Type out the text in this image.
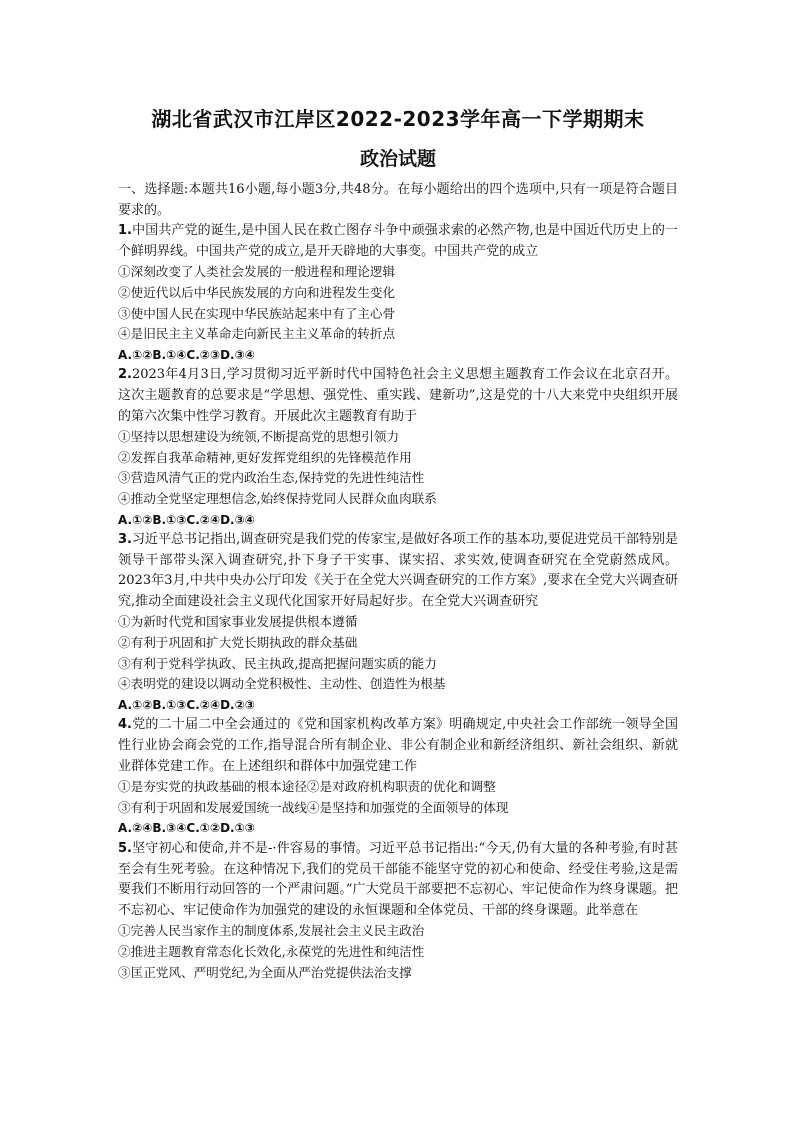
湖北省武汉市江岸区2022-2023学年高一下学期期末
政治试题
一、选择题:本题共16小题,每小题3分,共48分。在每小题给出的四个选项中,只有一项是符合题目要求的。
1.中国共产党的诞生,是中国人民在救亡图存斗争中顽强求索的必然产物,也是中国近代历史上的一个鲜明界线。中国共产党的成立,是开天辟地的大事变。中国共产党的成立
①深刻改变了人类社会发展的一般进程和理论逻辑
②使近代以后中华民族发展的方向和进程发生变化
③使中国人民在实现中华民族站起来中有了主心骨
④是旧民主主义革命走向新民主主义革命的转折点
A.①②B.①④C.②③D.③④
2.2023年4月3日,学习贯彻习近平新时代中国特色社会主义思想主题教育工作会议在北京召开。这次主题教育的总要求是“学思想、强党性、重实践、建新功”,这是党的十八大来党中央组织开展的第六次集中性学习教育。开展此次主题教育有助于
①坚持以思想建设为统领,不断提高党的思想引领力
②发挥自我革命精神,更好发挥党组织的先锋模范作用
③营造风清气正的党内政治生态,保持党的先进性纯洁性
④推动全党坚定理想信念,始终保持党同人民群众血肉联系
A.①②B.①③C.②④D.③④
3.习近平总书记指出,调查研究是我们党的传家宝,是做好各项工作的基本功,要促进党员干部特别是领导干部带头深入调查研究,扑下身子干实事、谋实招、求实效,使调查研究在全党蔚然成风。2023年3月,中共中央办公厅印发《关于在全党大兴调查研究的工作方案》,要求在全党大兴调查研究,推动全面建设社会主义现代化国家开好局起好步。在全党大兴调查研究
①为新时代党和国家事业发展提供根本遵循
②有利于巩固和扩大党长期执政的群众基础
③有利于党科学执政、民主执政,提高把握问题实质的能力
④表明党的建设以调动全党积极性、主动性、创造性为根基
A.①②B.①③C.②④D.②③
4.党的二十届二中全会通过的《党和国家机构改革方案》明确规定,中央社会工作部统一领导全国性行业协会商会党的工作,指导混合所有制企业、非公有制企业和新经济组织、新社会组织、新就业群体党建工作。在上述组织和群体中加强党建工作
①是夯实党的执政基础的根本途径②是对政府机构职责的优化和调整
③有利于巩固和发展爱国统一战线④是坚持和加强党的全面领导的体现
A.②④B.③④C.①②D.①③
5.坚守初心和使命,并不是-·件容易的事情。习近平总书记指出:“今天,仍有大量的各种考验,有时甚至会有生死考验。在这种情况下,我们的党员干部能不能坚守党的初心和使命、经受住考验,这是需要我们不断用行动回答的一个严肃问题。”广大党员干部要把不忘初心、牢记使命作为终身课题。把不忘初心、牢记使命作为加强党的建设的永恒课题和全体党员、干部的终身课题。此举意在
①完善人民当家作主的制度体系,发展社会主义民主政治
②推进主题教育常态化长效化,永葆党的先进性和纯洁性
③匡正党风、严明党纪,为全面从严治党提供法治支撑
